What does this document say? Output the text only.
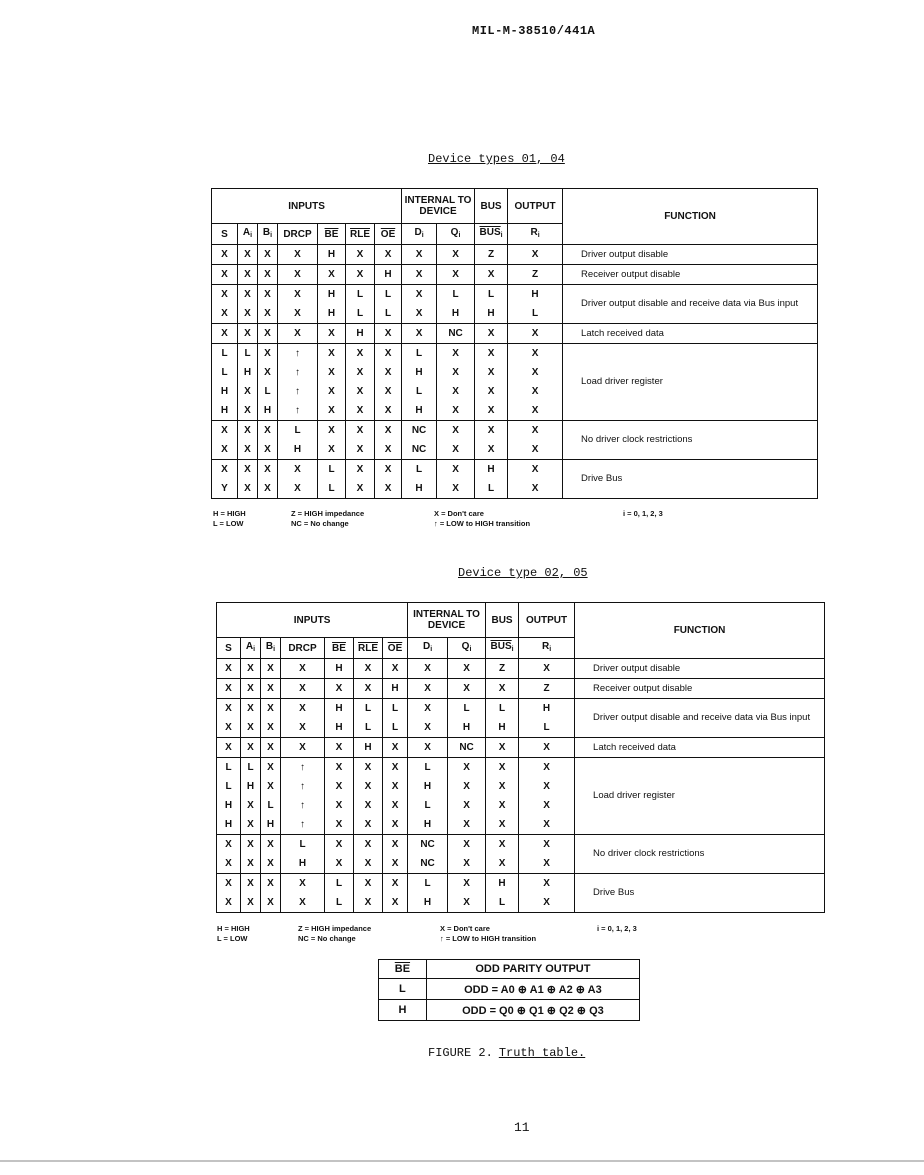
MIL-M-38510/441A
Device types 01, 04
INPUTS							INTERNAL TO DEVICE		BUS	OUTPUT	FUNCTION
S	$A_i$	$B_i$	DRCP	$\overline{BE}$	$\overline{RLE}$	$\overline{OE}$	$D_i$	$Q_i$	$\overline{BUS}_i$	$R_i$
X	X	X	X	H	X	X	X	X	Z	X	Driver output disable
X	X	X	X	X	X	H	X	X	X	Z	Receiver output disable
X	X	X	X	H	L	L	X	L	L	H	Driver output disable and receive data via Bus input
X	X	X	X	H	L	L	X	H	H	L	
X	X	X	X	X	H	X	X	NC	X	X	Latch received data
L	L	X	↑	X	X	X	L	X	X	X	Load driver register
L	H	X	↑	X	X	X	H	X	X	X	
H	X	L	↑	X	X	X	L	X	X	X	
H	X	H	↑	X	X	X	H	X	X	X	
X	X	X	L	X	X	X	NC	X	X	X	No driver clock restrictions
X	X	X	H	X	X	X	NC	X	X	X	
X	X	X	X	L	X	X	L	X	H	X	Drive Bus
Y	X	X	X	L	X	X	H	X	L	X	
H = HIGH
L = LOW
Z = HIGH impedance
NC = No change
X = Don't care
↑ = LOW to HIGH transition
i = 0, 1, 2, 3
Device type 02, 05
INPUTS							INTERNAL TO DEVICE		BUS	OUTPUT	FUNCTION
S	$A_i$	$B_i$	DRCP	$\overline{BE}$	$\overline{RLE}$	$\overline{OE}$	$D_i$	$Q_i$	$\overline{BUS}_i$	$R_i$
X	X	X	X	H	X	X	X	X	Z	X	Driver output disable
X	X	X	X	X	X	H	X	X	X	Z	Receiver output disable
X	X	X	X	H	L	L	X	L	L	H	Driver output disable and receive data via Bus input
X	X	X	X	H	L	L	X	H	H	L	
X	X	X	X	X	H	X	X	NC	X	X	Latch received data
L	L	X	↑	X	X	X	L	X	X	X	Load driver register
L	H	X	↑	X	X	X	H	X	X	X	
H	X	L	↑	X	X	X	L	X	X	X	
H	X	H	↑	X	X	X	H	X	X	X	
X	X	X	L	X	X	X	NC	X	X	X	No driver clock restrictions
X	X	X	H	X	X	X	NC	X	X	X	
X	X	X	X	L	X	X	L	X	H	X	Drive Bus
X	X	X	X	L	X	X	H	X	L	X	
H = HIGH
L = LOW
Z = HIGH impedance
NC = No change
X = Don't care
↑ = LOW to HIGH transition
i = 0, 1, 2, 3
$\overline{BE}$	ODD PARITY OUTPUT
L	ODD = A0 ⊕ A1 ⊕ A2 ⊕ A3
H	ODD = Q0 ⊕ Q1 ⊕ Q2 ⊕ Q3
FIGURE 2. Truth table.
11
